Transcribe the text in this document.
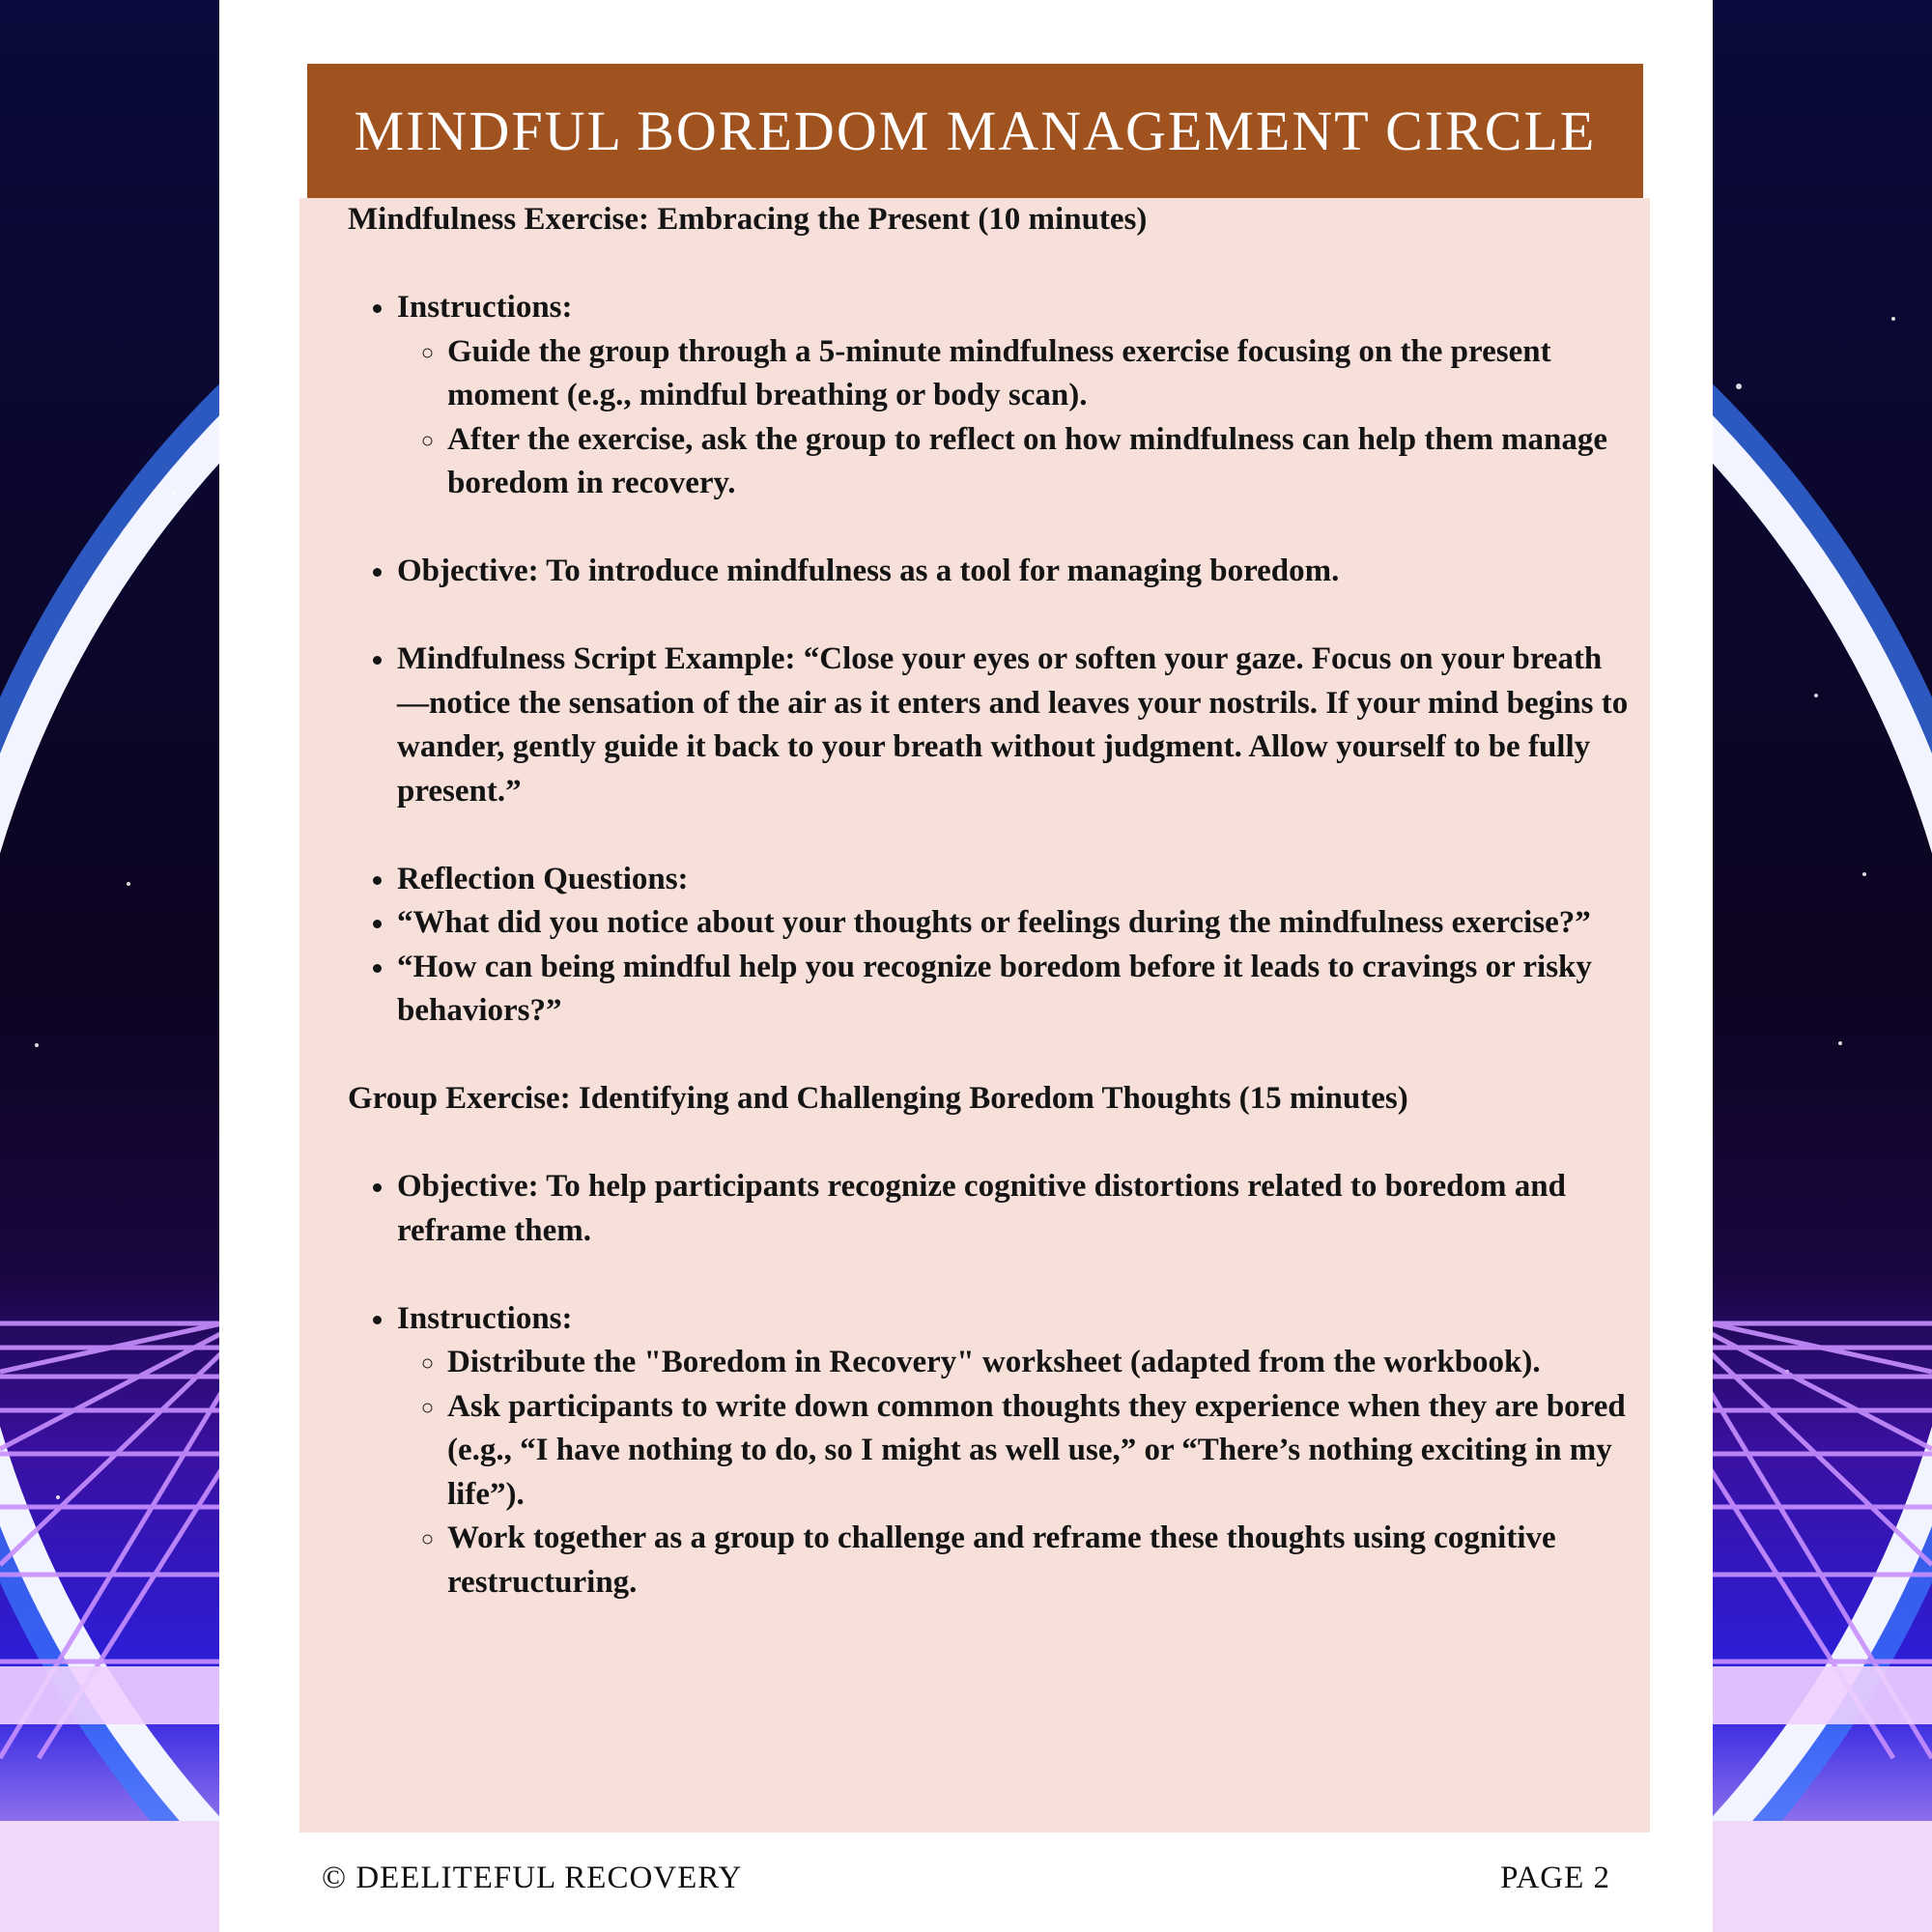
MINDFUL BOREDOM MANAGEMENT CIRCLE

Mindfulness Exercise: Embracing the Present (10 minutes)

• Instructions:
◦ Guide the group through a 5-minute mindfulness exercise focusing on the present moment (e.g., mindful breathing or body scan).
◦ After the exercise, ask the group to reflect on how mindfulness can help them manage boredom in recovery.
• Objective: To introduce mindfulness as a tool for managing boredom.
• Mindfulness Script Example: “Close your eyes or soften your gaze. Focus on your breath—notice the sensation of the air as it enters and leaves your nostrils. If your mind begins to wander, gently guide it back to your breath without judgment. Allow yourself to be fully present.”
• Reflection Questions:
• “What did you notice about your thoughts or feelings during the mindfulness exercise?”
• “How can being mindful help you recognize boredom before it leads to cravings or risky behaviors?”

Group Exercise: Identifying and Challenging Boredom Thoughts (15 minutes)

• Objective: To help participants recognize cognitive distortions related to boredom and reframe them.
• Instructions:
◦ Distribute the "Boredom in Recovery" worksheet (adapted from the workbook).
◦ Ask participants to write down common thoughts they experience when they are bored (e.g., “I have nothing to do, so I might as well use,” or “There’s nothing exciting in my life”).
◦ Work together as a group to challenge and reframe these thoughts using cognitive restructuring.
© DEELITEFUL RECOVERY	PAGE 2
